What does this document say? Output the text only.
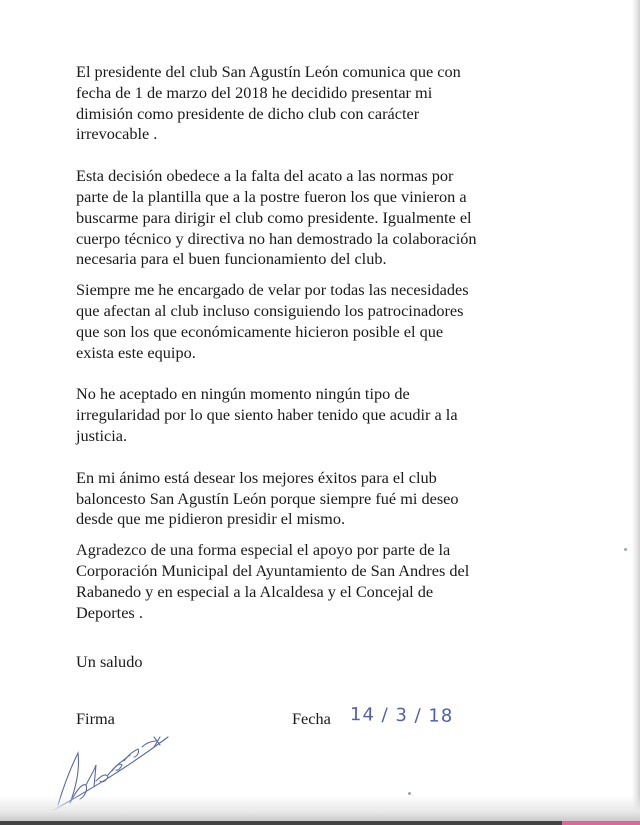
El presidente del club San Agustín León comunica que con
fecha de 1 de marzo del 2018 he decidido presentar mi
dimisión como presidente de dicho club con carácter
irrevocable .

Esta decisión obedece a la falta del acato a las normas por
parte de la plantilla que a la postre fueron los que vinieron a
buscarme para dirigir el club como presidente. Igualmente el
cuerpo técnico y directiva no han demostrado la colaboración
necesaria para el buen funcionamiento del club.

Siempre me he encargado de velar por todas las necesidades
que afectan al club incluso consiguiendo los patrocinadores
que son los que económicamente hicieron posible el que
exista este equipo.

No he aceptado en ningún momento ningún tipo de
irregularidad por lo que siento haber tenido que acudir a la
justicia.

En mi ánimo está desear los mejores éxitos para el club
baloncesto San Agustín León porque siempre fué mi deseo
desde que me pidieron presidir el mismo.

Agradezco de una forma especial el apoyo por parte de la
Corporación Municipal del Ayuntamiento de San Andres del
Rabanedo y en especial a la Alcaldesa y el Concejal de
Deportes .

Un saludo

Firma	Fecha 14 / 3 / 18
